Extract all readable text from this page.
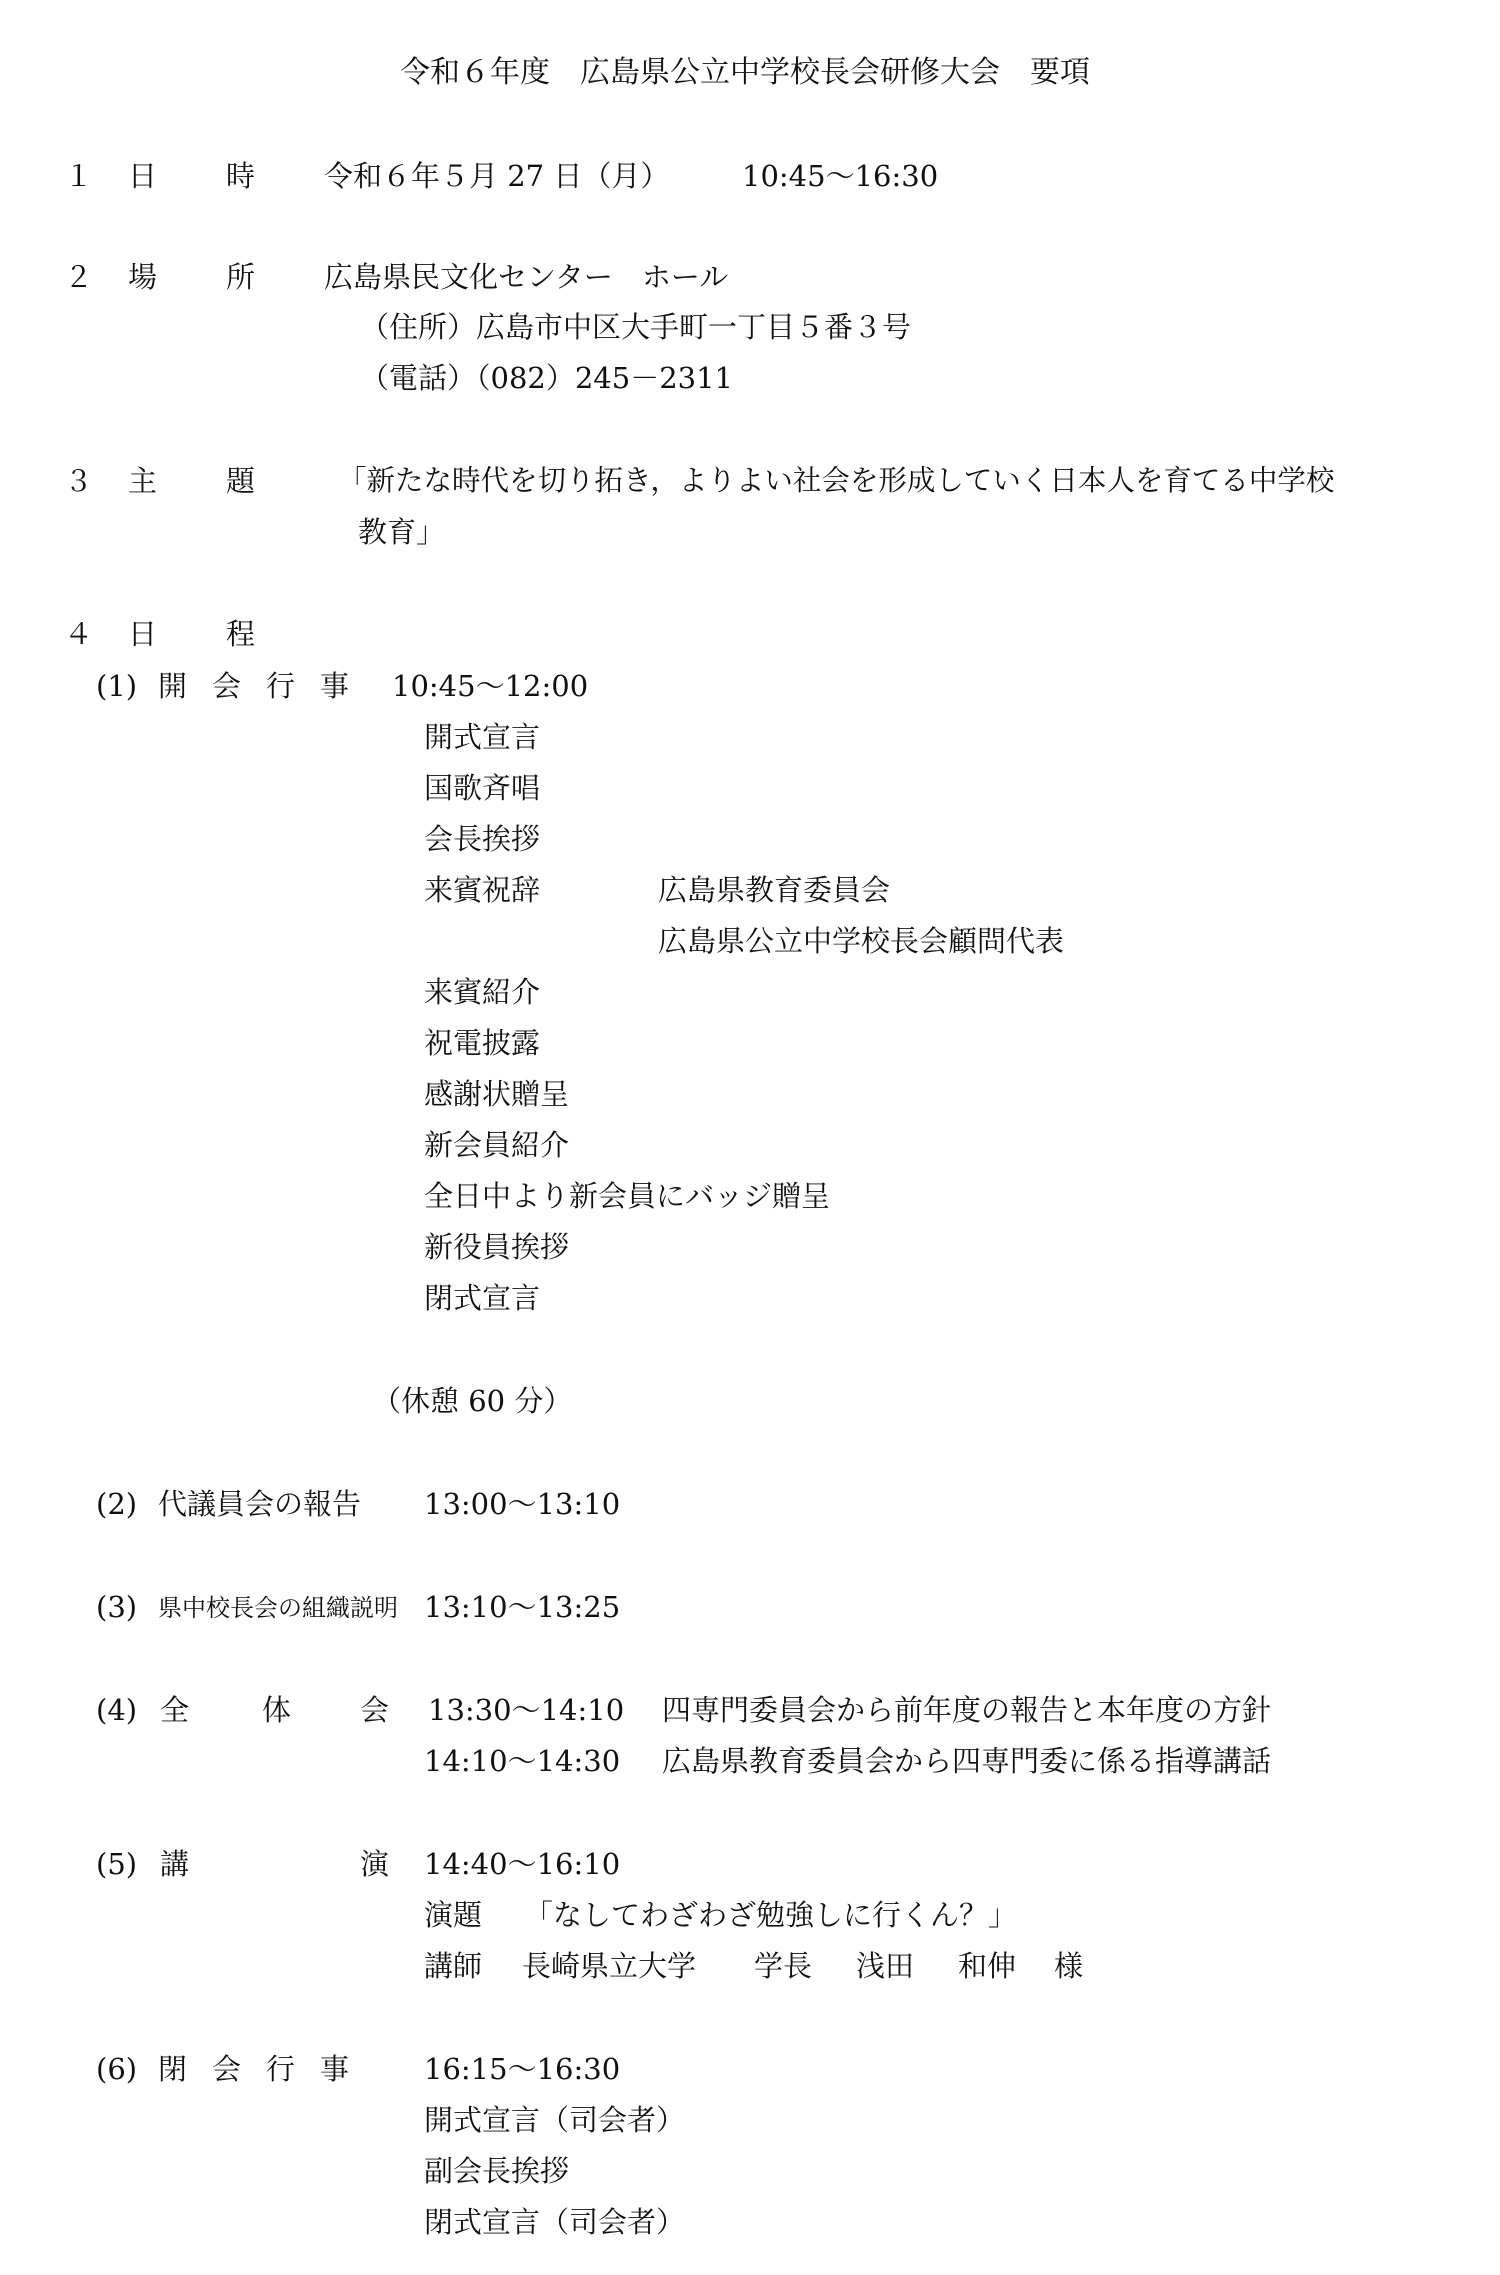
令和６年度　広島県公立中学校長会研修大会　要項
１ 日 時 令和６年５月 27 日（月）	10:45〜16:30
２ 場 所 広島県民文化センター　ホール
（住所）広島市中区大手町一丁目５番３号
（電話）（082）245－2311
３ 主 題	「新たな時代を切り拓き，よりよい社会を形成していく日本人を育てる中学校
教育」
４ 日 程
(1) 開 会 行 事 10:45〜12:00
開式宣言
国歌斉唱
会長挨拶
来賓祝辞	広島県教育委員会
広島県公立中学校長会顧問代表
来賓紹介
祝電披露
感謝状贈呈
新会員紹介
全日中より新会員にバッジ贈呈
新役員挨拶
閉式宣言
（休憩 60 分）
(2) 代議員会の報告 13:00〜13:10
(3) 県中校長会の組織説明 13:10〜13:25
(4) 全	体 会 13:30〜14:10 四専門委員会から前年度の報告と本年度の方針
14:10〜14:30 広島県教育委員会から四専門委に係る指導講話
(5) 講	演 14:40〜16:10
演題 「なしてわざわざ勉強しに行くん？」
講師 長崎県立大学 学長 浅田 和伸 様
(6) 閉 会 行 事	16:15〜16:30
開式宣言（司会者）
副会長挨拶
閉式宣言（司会者）
